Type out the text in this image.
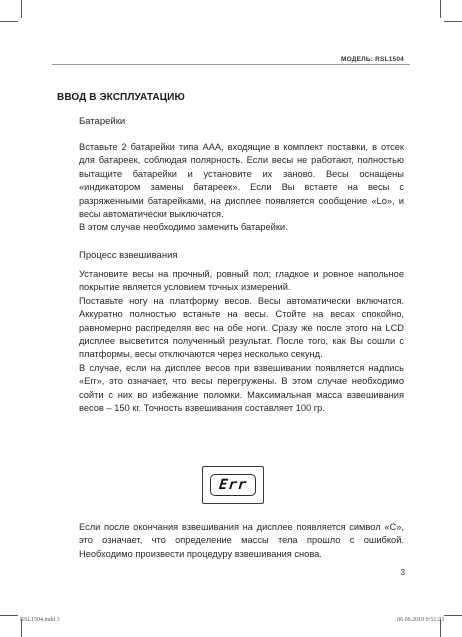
МОДЕЛЬ: RSL1504
ВВОД В ЭКСПЛУАТАЦИЮ
Батарейки

Вставьте 2 батарейки типа ААА, входящие в комплект поставки, в отсек для батареек, соблюдая полярность. Если весы не работают, полностью вытащите батарейки и установите их заново. Весы оснащены «индикатором замены батареек». Если Вы встаете на весы с разряженными батарейками, на дисплее появляется сообщение «Lo», и весы автоматически выключатся.

В этом случае необходимо заменить батарейки.

Процесс взвешивания

Установите весы на прочный, ровный пол; гладкое и ровное напольное покрытие является условием точных измерений.

Поставьте ногу на платформу весов. Весы автоматически включатся. Аккуратно полностью встаньте на весы. Стойте на весах спокойно, равномерно распределяя вес на обе ноги. Сразу же после этого на LCD дисплее высветится полученный результат. После того, как Вы сошли с платформы, весы отключаются через несколько секунд.

В случае, если на дисплее весов при взвешивании появляется надпись «Err», это означает, что весы перегружены. В этом случае необходимо сойти с них во избежание поломки. Максимальная масса взвешивания весов – 150 кг. Точность взвешивания составляет 100 гр.

Err

Если после окончания взвешивания на дисплее появляется символ «С», это означает, что определение массы тела прошло с ошибкой. Необходимо произвести процедуру взвешивания снова.

3
RSL1504.indd 3	06.06.2010 0:51:23
